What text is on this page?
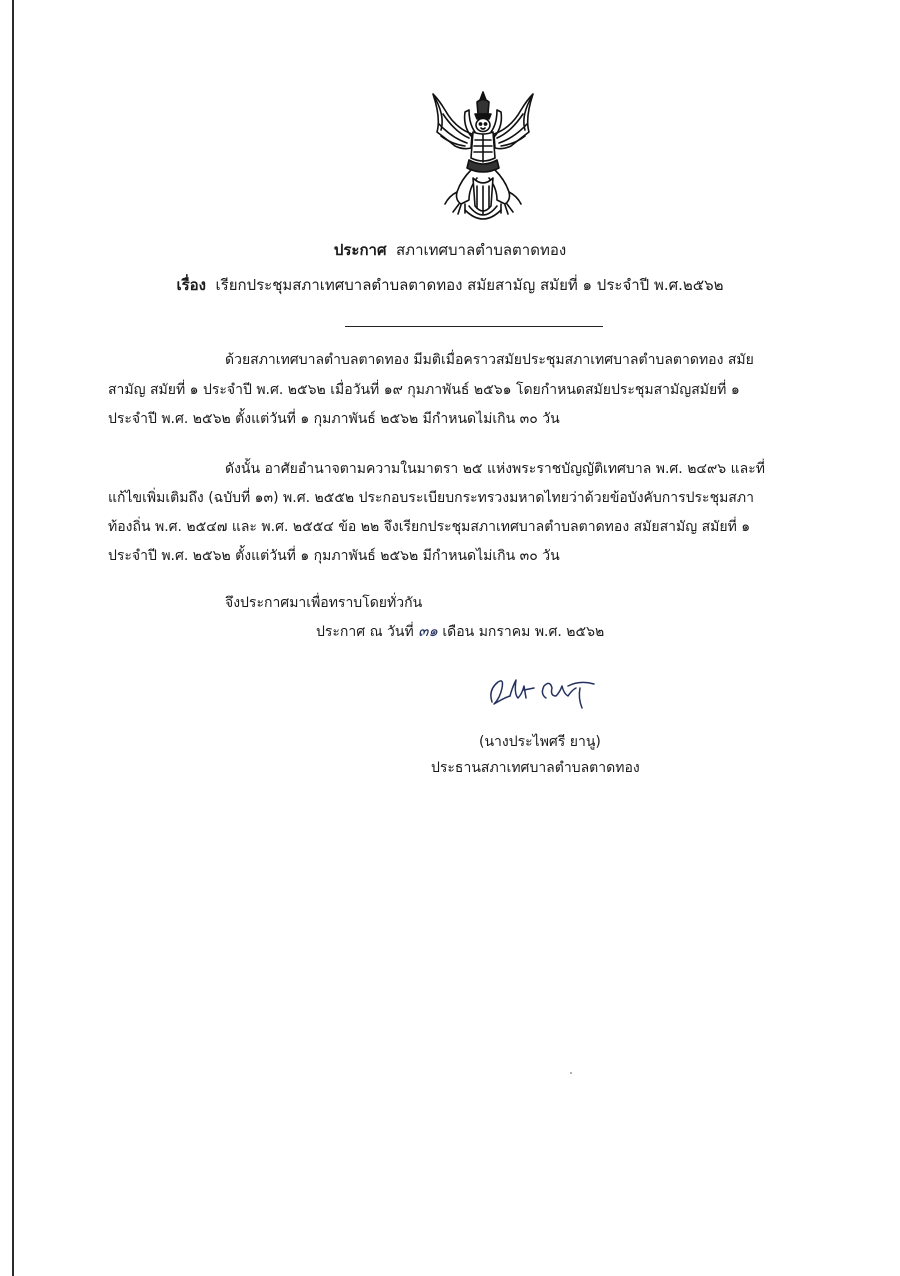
ประกาศ สภาเทศบาลตำบลตาดทอง
เรื่อง เรียกประชุมสภาเทศบาลตำบลตาดทอง สมัยสามัญ สมัยที่ ๑ ประจำปี พ.ศ.๒๕๖๒
ด้วยสภาเทศบาลตำบลตาดทอง มีมติเมื่อคราวสมัยประชุมสภาเทศบาลตำบลตาดทอง สมัย
สามัญ สมัยที่ ๑ ประจำปี พ.ศ. ๒๕๖๒ เมื่อวันที่ ๑๙ กุมภาพันธ์ ๒๕๖๑ โดยกำหนดสมัยประชุมสามัญสมัยที่ ๑
ประจำปี พ.ศ. ๒๕๖๒ ตั้งแต่วันที่ ๑ กุมภาพันธ์ ๒๕๖๒ มีกำหนดไม่เกิน ๓๐ วัน
ดังนั้น อาศัยอำนาจตามความในมาตรา ๒๕ แห่งพระราชบัญญัติเทศบาล พ.ศ. ๒๔๙๖ และที่
แก้ไขเพิ่มเติมถึง (ฉบับที่ ๑๓) พ.ศ. ๒๕๕๒ ประกอบระเบียบกระทรวงมหาดไทยว่าด้วยข้อบังคับการประชุมสภา
ท้องถิ่น พ.ศ. ๒๕๔๗ และ พ.ศ. ๒๕๕๔ ข้อ ๒๒ จึงเรียกประชุมสภาเทศบาลตำบลตาดทอง สมัยสามัญ สมัยที่ ๑
ประจำปี พ.ศ. ๒๕๖๒ ตั้งแต่วันที่ ๑ กุมภาพันธ์ ๒๕๖๒ มีกำหนดไม่เกิน ๓๐ วัน
จึงประกาศมาเพื่อทราบโดยทั่วกัน
ประกาศ ณ วันที่ ๓๑ เดือน มกราคม พ.ศ. ๒๕๖๒
(นางประไพศรี ยานู)
ประธานสภาเทศบาลตำบลตาดทอง
